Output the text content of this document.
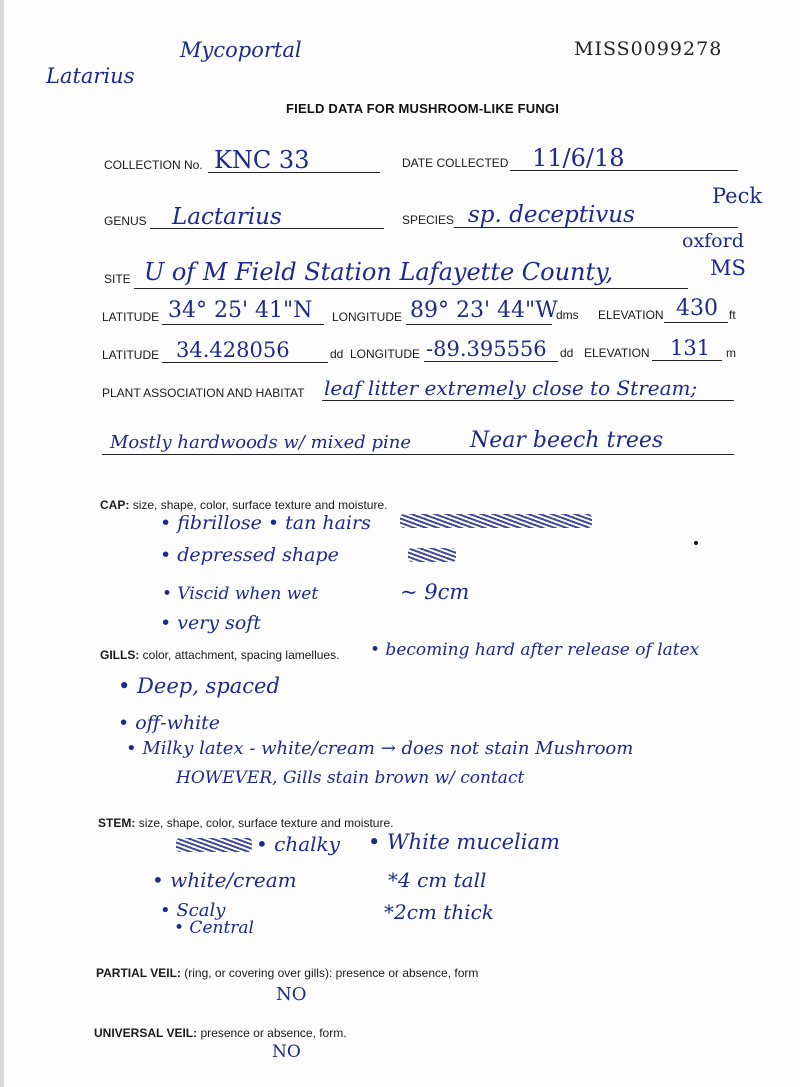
Mycoportal
Latarius
MISS0099278
FIELD DATA FOR MUSHROOM-LIKE FUNGI
COLLECTION No. KNC 33	DATE COLLECTED 11/6/18
Peck
GENUS Lactarius	SPECIES sp. deceptivus
oxford
SITE U of M Field Station Lafayette County,	MS
LATITUDE 34° 25' 41"N LONGITUDE 89° 23' 44"W
dms ELEVATION 430 ft
LATITUDE 34.428056	dd LONGITUDE -89.395556 dd ELEVATION 131 m
PLANT ASSOCIATION AND HABITAT leaf litter extremely close to Stream;
Mostly hardwoods w/ mixed pine	Near beech trees
CAP: size, shape, color, surface texture and moisture.
• fibrillose • tan hairs
• depressed shape
• Viscid when wet	~ 9cm
• very soft
GILLS: color, attachment, spacing lamellues. • becoming hard after release of latex
• Deep, spaced
• off-white
• Milky latex - white/cream → does not stain Mushroom
HOWEVER, Gills stain brown w/ contact
STEM: size, shape, color, surface texture and moisture.
• chalky
• white/cream
• Scaly
• Central
• White muceliam
*4 cm tall
*2cm thick
PARTIAL VEIL: (ring, or covering over gills): presence or absence, form
NO
UNIVERSAL VEIL: presence or absence, form.
NO
